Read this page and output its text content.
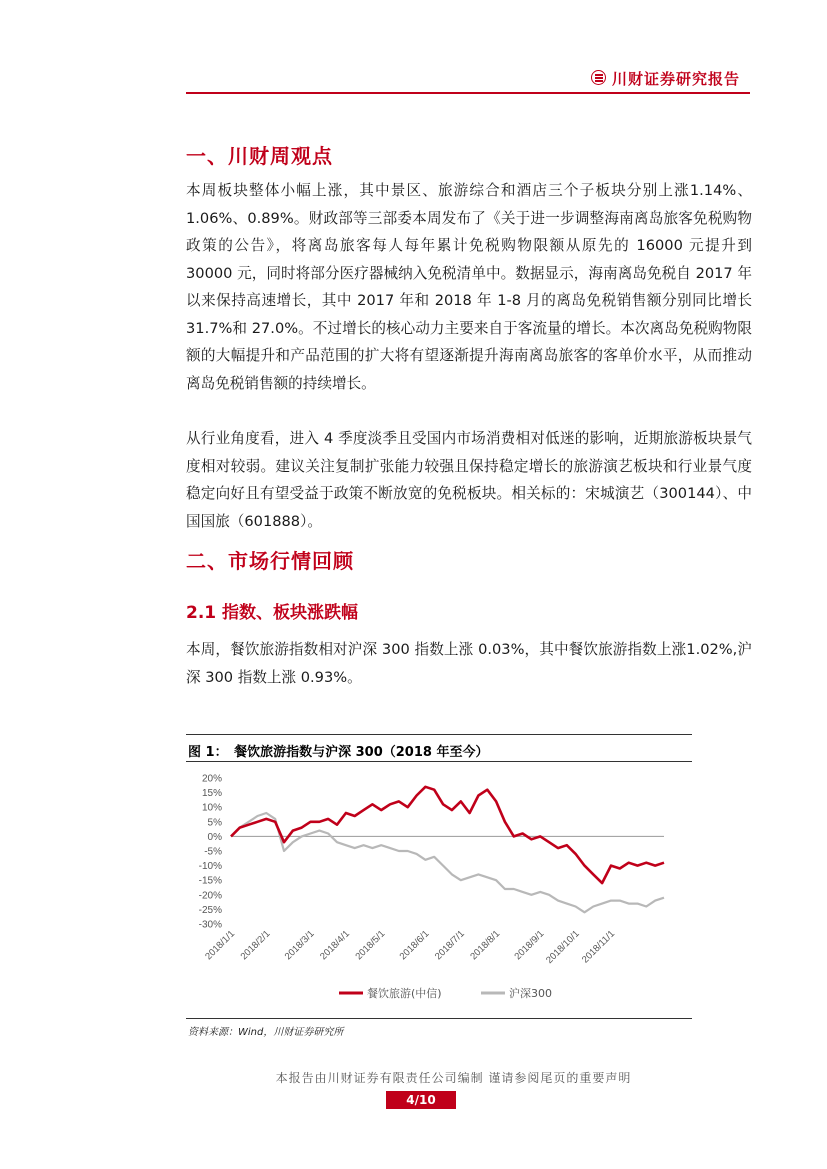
川财证券研究报告
一、川财周观点
本周板块整体小幅上涨，其中景区、旅游综合和酒店三个子板块分别上涨1.14%、1.06%、0.89%。财政部等三部委本周发布了《关于进一步调整海南离岛旅客免税购物政策的公告》，将离岛旅客每人每年累计免税购物限额从原先的 16000 元提升到 30000 元，同时将部分医疗器械纳入免税清单中。数据显示，海南离岛免税自 2017 年以来保持高速增长，其中 2017 年和 2018 年 1-8 月的离岛免税销售额分别同比增长 31.7%和 27.0%。不过增长的核心动力主要来自于客流量的增长。本次离岛免税购物限额的大幅提升和产品范围的扩大将有望逐渐提升海南离岛旅客的客单价水平，从而推动离岛免税销售额的持续增长。
从行业角度看，进入 4 季度淡季且受国内市场消费相对低迷的影响，近期旅游板块景气度相对较弱。建议关注复制扩张能力较强且保持稳定增长的旅游演艺板块和行业景气度稳定向好且有望受益于政策不断放宽的免税板块。相关标的：宋城演艺（300144）、中国国旅（601888）。
二、市场行情回顾
2.1 指数、板块涨跌幅
本周，餐饮旅游指数相对沪深 300 指数上涨 0.03%，其中餐饮旅游指数上涨1.02%,沪深 300 指数上涨 0.93%。
图 1：　餐饮旅游指数与沪深 300（2018 年至今）
20%
15%
10%
5%
0%
-5%
-10%
-15%
-20%
-25%
-30%
2018/1/1 2018/2/1 2018/3/1 2018/4/1 2018/5/1 2018/6/1 2018/7/1 2018/8/1 2018/9/1
2018/10/1
2018/11/1
餐饮旅游(中信)	沪深300
资料来源：Wind，川财证券研究所
本报告由川财证券有限责任公司编制 谨请参阅尾页的重要声明
4/10
